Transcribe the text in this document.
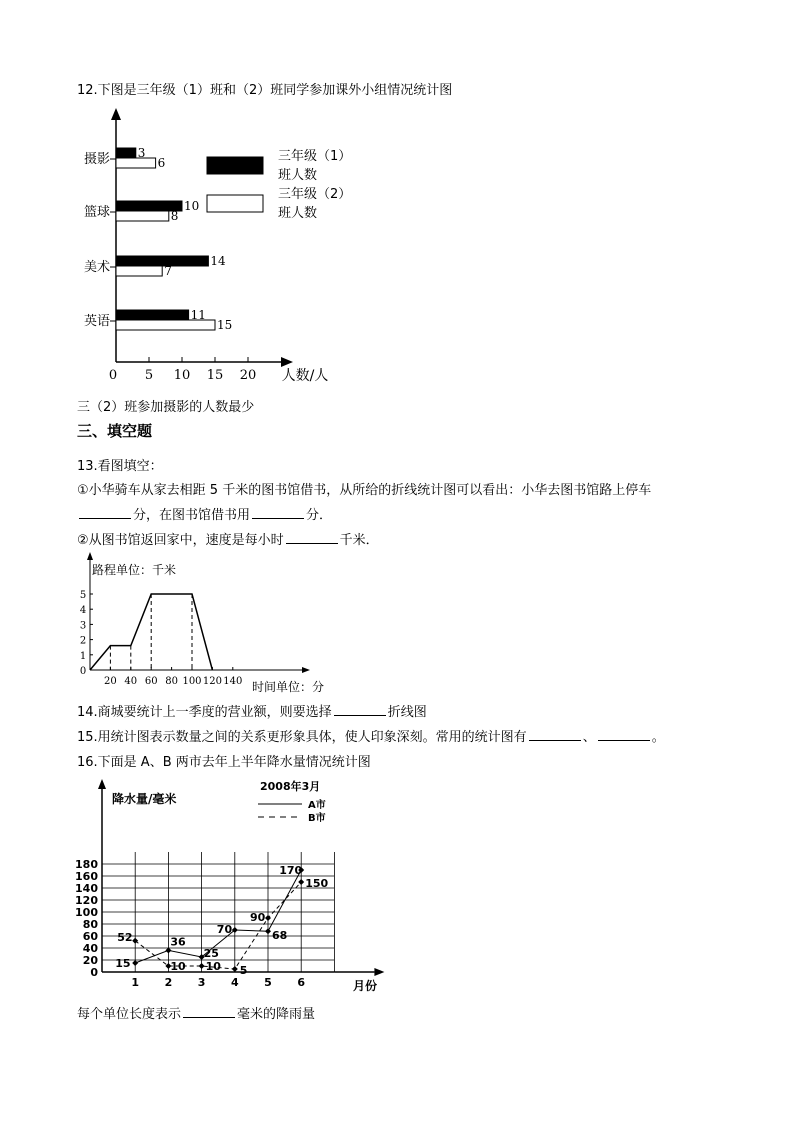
12.下图是三年级（1）班和（2）班同学参加课外小组情况统计图
0 5 10 15 20 人数/人
摄影 3
6
篮球	10
8
美术	14
7
英语	11
15
三年级（1）
班人数
三年级（2）
班人数
三（2）班参加摄影的人数最少
三、填空题
13.看图填空：
①小华骑车从家去相距 5 千米的图书馆借书，从所给的折线统计图可以看出：小华去图书馆路上停车
分，在图书馆借书用	分．
②从图书馆返回家中，速度是每小时	千米．
0
1
2
3
4
5
20 40 60 80 100 120 140
路程单位：千米
时间单位：分
14.商城要统计上一季度的营业额，则要选择	折线图
15.用统计图表示数量之间的关系更形象具体，使人印象深刻。常用的统计图有	、	。
16.下面是 A、B 两市去年上半年降水量情况统计图
0
20
40
60
80
100
120
140
160
180
1 2 3 4 5 6	月份
降水量/毫米
15
36
25
70	68
170
52
10 10 5
90
150
2008年3月
A市
B市
每个单位长度表示	毫米的降雨量
